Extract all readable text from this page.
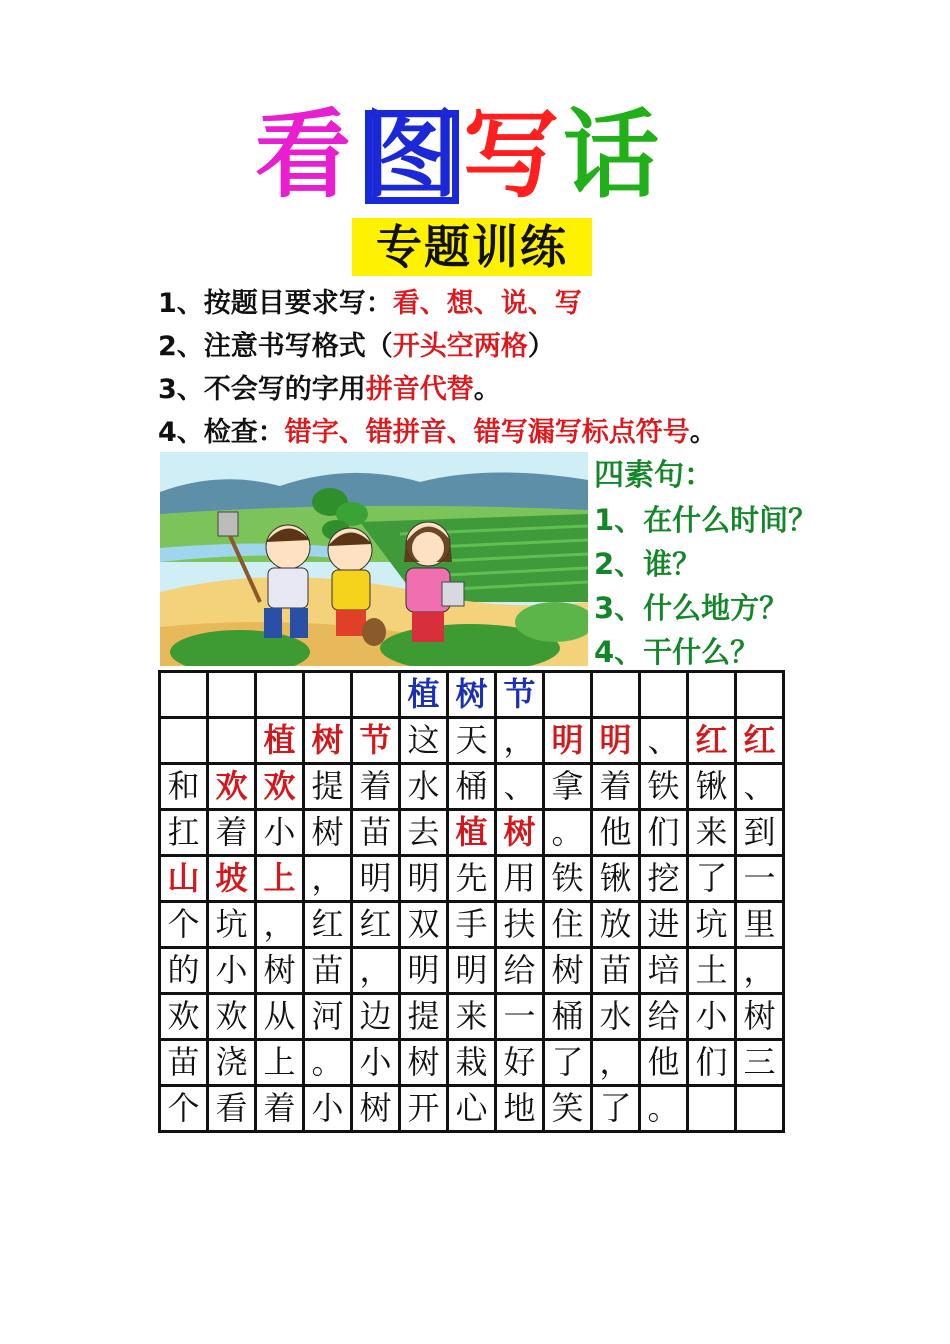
看 图 写 话
专题训练
1、按题目要求写：看、想、说、写
2、注意书写格式（开头空两格）
3、不会写的字用拼音代替。
4、检查：错字、错拼音、错写漏写标点符号。
四素句：
1、在什么时间？
2、谁？
3、什么地方？
4、干什么？
					植	树	节					
		植	树	节	这	天	，	明	明	、	红	红
和	欢	欢	提	着	水	桶	、	拿	着	铁	锹	、
扛	着	小	树	苗	去	植	树	。	他	们	来	到
山	坡	上	，	明	明	先	用	铁	锹	挖	了	一
个	坑	，	红	红	双	手	扶	住	放	进	坑	里
的	小	树	苗	，	明	明	给	树	苗	培	土	，
欢	欢	从	河	边	提	来	一	桶	水	给	小	树
苗	浇	上	。	小	树	栽	好	了	，	他	们	三
个	看	着	小	树	开	心	地	笑	了	。		
